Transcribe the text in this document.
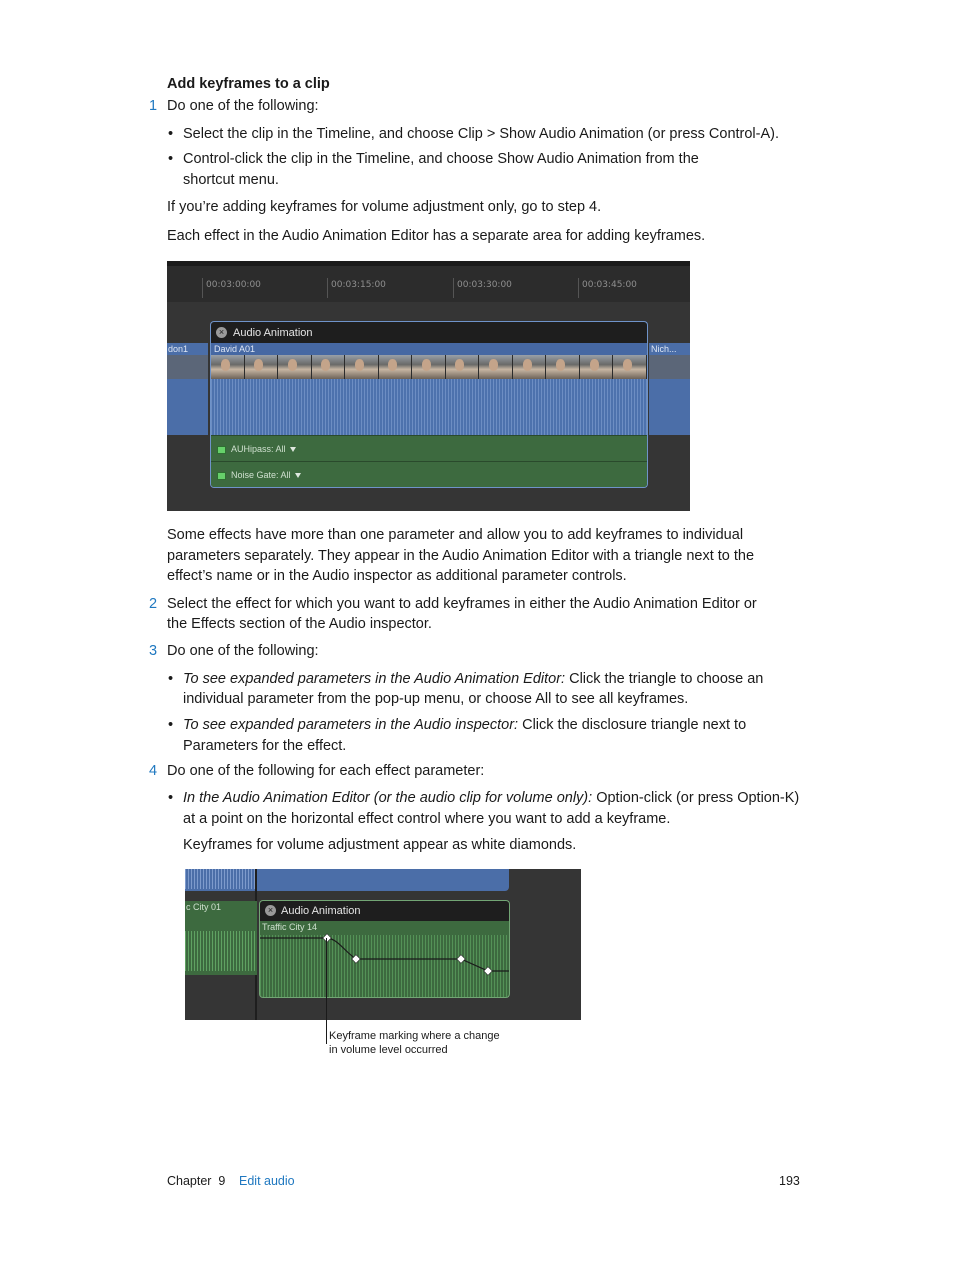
Add keyframes to a clip
1 Do one of the following:
• Select the clip in the Timeline, and choose Clip > Show Audio Animation (or press Control-A).
• Control-click the clip in the Timeline, and choose Show Audio Animation from the
shortcut menu.
If you’re adding keyframes for volume adjustment only, go to step 4.
Each effect in the Audio Animation Editor has a separate area for adding keyframes.
00:03:00:00	00:03:15:00	00:03:30:00	00:03:45:00
don1	Nich...
× Audio Animation
David A01
AUHipass: All
Noise Gate: All
Some effects have more than one parameter and allow you to add keyframes to individual
parameters separately. They appear in the Audio Animation Editor with a triangle next to the
effect’s name or in the Audio inspector as additional parameter controls.
2 Select the effect for which you want to add keyframes in either the Audio Animation Editor or
the Effects section of the Audio inspector.
3 Do one of the following:
• To see expanded parameters in the Audio Animation Editor: Click the triangle to choose an
individual parameter from the pop-up menu, or choose All to see all keyframes.
• To see expanded parameters in the Audio inspector: Click the disclosure triangle next to
Parameters for the effect.
4 Do one of the following for each effect parameter:
• In the Audio Animation Editor (or the audio clip for volume only): Option-click (or press Option-K)
at a point on the horizontal effect control where you want to add a keyframe.
Keyframes for volume adjustment appear as white diamonds.
c City 01	× Audio Animation
Traffic City 14
Keyframe marking where a change
in volume level occurred
Chapter  9 Edit audio	193
